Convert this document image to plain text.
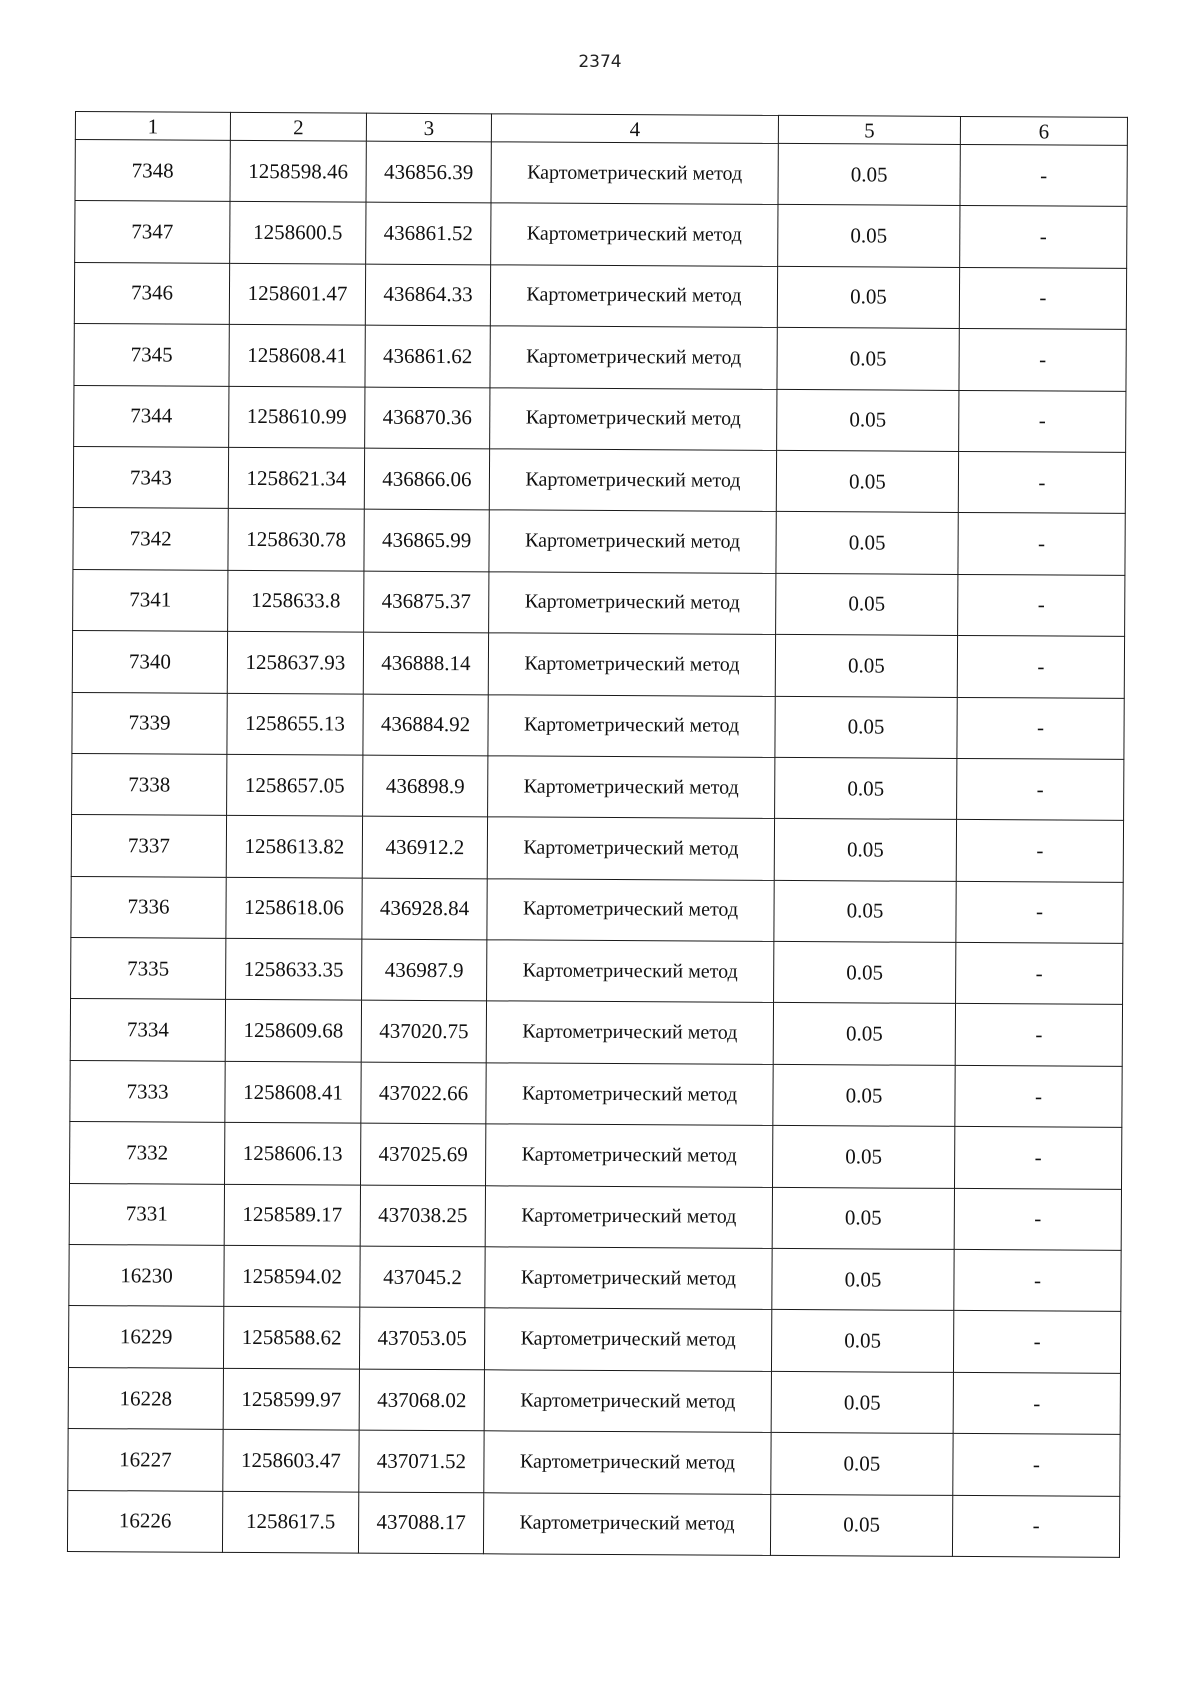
2374
1	2	3	4	5	6
7348	1258598.46	436856.39	Картометрический метод	0.05	-
7347	1258600.5	436861.52	Картометрический метод	0.05	-
7346	1258601.47	436864.33	Картометрический метод	0.05	-
7345	1258608.41	436861.62	Картометрический метод	0.05	-
7344	1258610.99	436870.36	Картометрический метод	0.05	-
7343	1258621.34	436866.06	Картометрический метод	0.05	-
7342	1258630.78	436865.99	Картометрический метод	0.05	-
7341	1258633.8	436875.37	Картометрический метод	0.05	-
7340	1258637.93	436888.14	Картометрический метод	0.05	-
7339	1258655.13	436884.92	Картометрический метод	0.05	-
7338	1258657.05	436898.9	Картометрический метод	0.05	-
7337	1258613.82	436912.2	Картометрический метод	0.05	-
7336	1258618.06	436928.84	Картометрический метод	0.05	-
7335	1258633.35	436987.9	Картометрический метод	0.05	-
7334	1258609.68	437020.75	Картометрический метод	0.05	-
7333	1258608.41	437022.66	Картометрический метод	0.05	-
7332	1258606.13	437025.69	Картометрический метод	0.05	-
7331	1258589.17	437038.25	Картометрический метод	0.05	-
16230	1258594.02	437045.2	Картометрический метод	0.05	-
16229	1258588.62	437053.05	Картометрический метод	0.05	-
16228	1258599.97	437068.02	Картометрический метод	0.05	-
16227	1258603.47	437071.52	Картометрический метод	0.05	-
16226	1258617.5	437088.17	Картометрический метод	0.05	-
